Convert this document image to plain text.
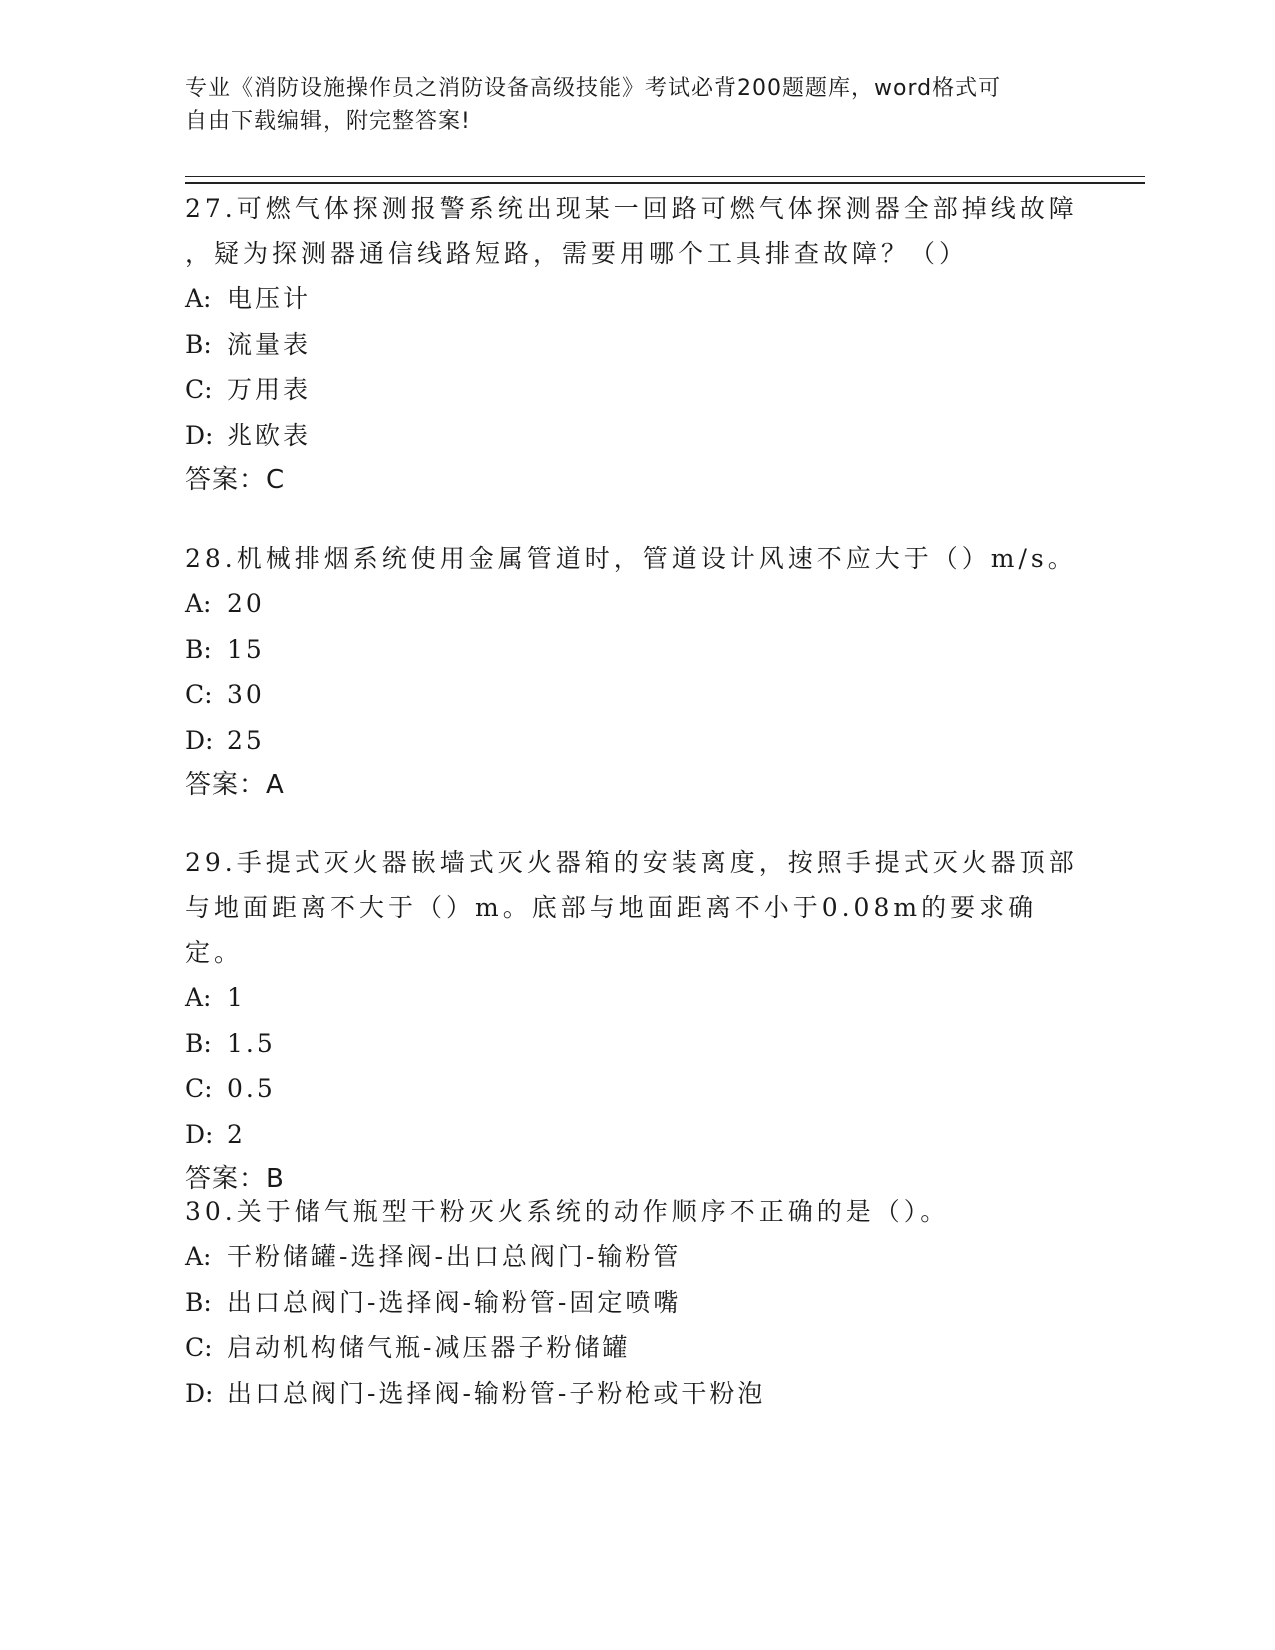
专业《消防设施操作员之消防设备高级技能》考试必背200题题库，word格式可
自由下载编辑，附完整答案!

27.可燃气体探测报警系统出现某一回路可燃气体探测器全部掉线故障

，疑为探测器通信线路短路，需要用哪个工具排查故障？（）

A: 电压计

B: 流量表

C: 万用表

D: 兆欧表

答案：C

28.机械排烟系统使用金属管道时，管道设计风速不应大于（）m/s。

A: 20

B: 15

C: 30

D: 25

答案：A

29.手提式灭火器嵌墙式灭火器箱的安装离度，按照手提式灭火器顶部

与地面距离不大于（）m。底部与地面距离不小于0.08m的要求确定。

A: 1

B: 1.5

C: 0.5

D: 2

答案：B

30.关于储气瓶型干粉灭火系统的动作顺序不正确的是（）。

A: 干粉储罐-选择阀-出口总阀门-输粉管

B: 出口总阀门-选择阀-输粉管-固定喷嘴

C: 启动机构储气瓶-减压器子粉储罐

D: 出口总阀门-选择阀-输粉管-子粉枪或干粉泡
